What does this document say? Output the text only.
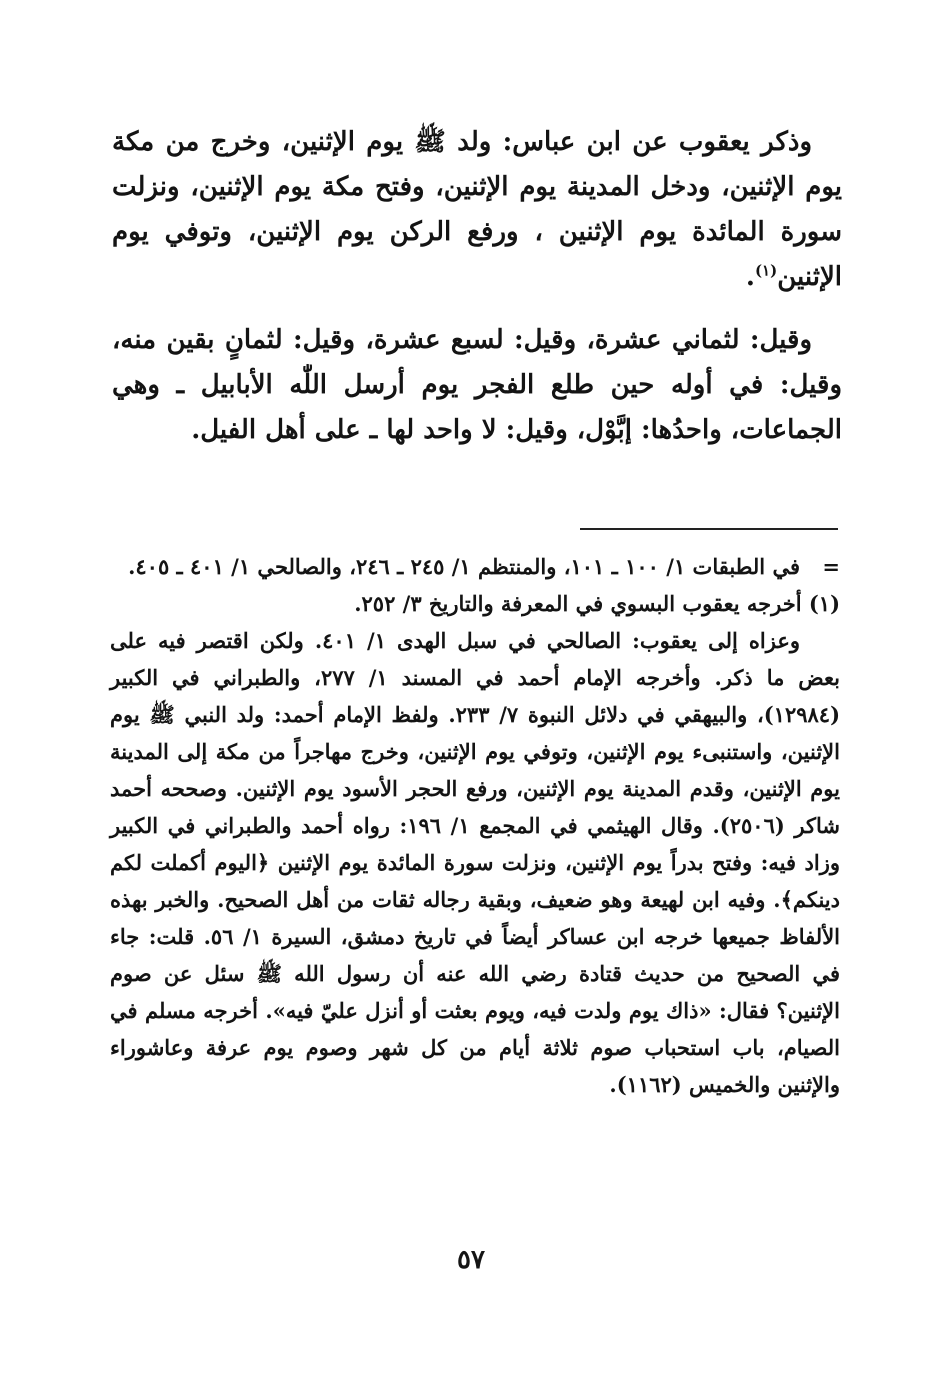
وذكر يعقوب عن ابن عباس: ولد ﷺ يوم الإثنين، وخرج من مكة يوم الإثنين، ودخل المدينة يوم الإثنين، وفتح مكة يوم الإثنين، ونزلت سورة المائدة يوم الإثنين ، ورفع الركن يوم الإثنين، وتوفي يوم الإثنين$^{(١)}$.

وقيل: لثماني عشرة، وقيل: لسبع عشرة، وقيل: لثمانٍ بقين منه، وقيل: في أوله حين طلع الفجر يوم أرسل اللّٰه الأبابيل ـ وهي الجماعات، واحدُها: إبَّوْل، وقيل: لا واحد لها ـ على أهل الفيل.

=
في الطبقات ١/ ١٠٠ ـ ١٠١، والمنتظم ١/ ٢٤٥ ـ ٢٤٦، والصالحي ١/ ٤٠١ ـ ٤٠٥.

(١) أخرجه يعقوب البسوي في المعرفة والتاريخ ٣/ ٢٥٢.

وعزاه إلى يعقوب: الصالحي في سبل الهدى ١/ ٤٠١. ولكن اقتصر فيه على بعض ما ذكر. وأخرجه الإمام أحمد في المسند ١/ ٢٧٧، والطبراني في الكبير (١٢٩٨٤)، والبيهقي في دلائل النبوة ٧/ ٢٣٣. ولفظ الإمام أحمد: ولد النبي ﷺ يوم الإثنين، واستنبىء يوم الإثنين، وتوفي يوم الإثنين، وخرج مهاجراً من مكة إلى المدينة يوم الإثنين، وقدم المدينة يوم الإثنين، ورفع الحجر الأسود يوم الإثنين. وصححه أحمد شاكر (٢٥٠٦). وقال الهيثمي في المجمع ١/ ١٩٦: رواه أحمد والطبراني في الكبير وزاد فيه: وفتح بدراً يوم الإثنين، ونزلت سورة المائدة يوم الإثنين ﴿اليوم أكملت لكم دينكم﴾. وفيه ابن لهيعة وهو ضعيف، وبقية رجاله ثقات من أهل الصحيح. والخبر بهذه الألفاظ جميعها خرجه ابن عساكر أيضاً في تاريخ دمشق، السيرة ١/ ٥٦. قلت: جاء في الصحيح من حديث قتادة رضي الله عنه أن رسول الله ﷺ سئل عن صوم الإثنين؟ فقال: «ذاك يوم ولدت فيه، ويوم بعثت أو أنزل عليّ فيه». أخرجه مسلم في الصيام، باب استحباب صوم ثلاثة أيام من كل شهر وصوم يوم عرفة وعاشوراء والإثنين والخميس (١١٦٢).

٥٧
